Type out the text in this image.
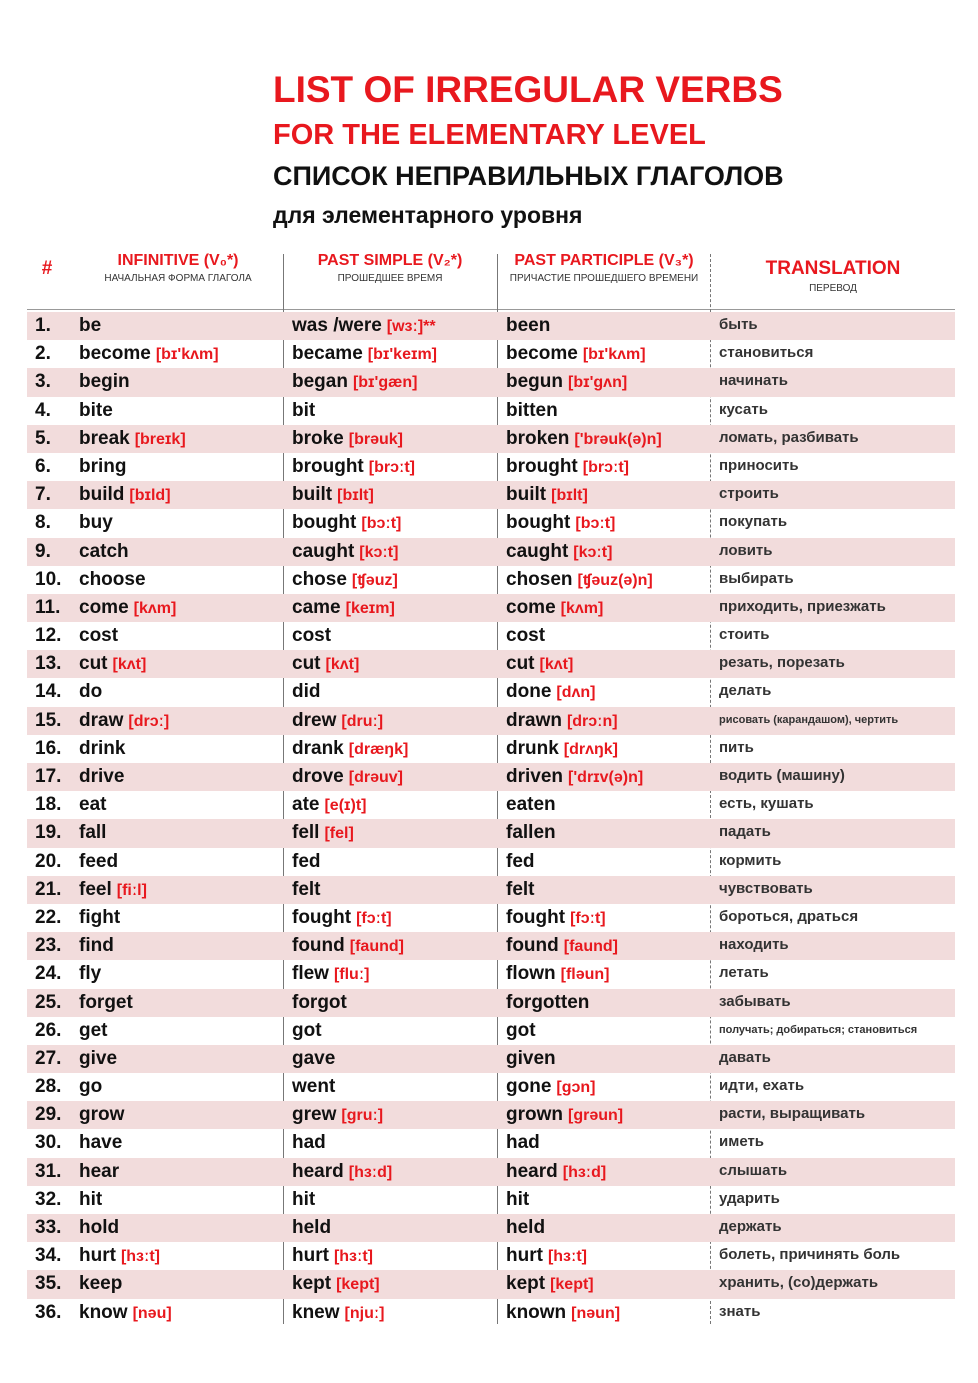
LIST OF IRREGULAR VERBS
FOR THE ELEMENTARY LEVEL
СПИСОК НЕПРАВИЛЬНЫХ ГЛАГОЛОВ
для элементарного уровня
#	INFINITIVE (V₀*)
НАЧАЛЬНАЯ ФОРМА ГЛАГОЛА
PAST SIMPLE (V₂*)
ПРОШЕДШЕЕ ВРЕМЯ
PAST PARTICIPLE (V₃*)
ПРИЧАСТИЕ ПРОШЕДШЕГО ВРЕМЕНИ	TRANSLATION
ПЕРЕВОД
1.	be	was /were [wɜː]**	been	быть
2.	become [bɪ'kʌm]	became [bɪ'keɪm]	become [bɪ'kʌm]	становиться
3.	begin	began [bɪ'gæn]	begun [bɪ'gʌn]	начинать
4.	bite	bit	bitten	кусать
5.	break [breɪk]	broke [brəuk]	broken ['brəuk(ə)n]	ломать, разбивать
6.	bring	brought [brɔːt]	brought [brɔːt]	приносить
7.	build [bɪld]	built [bɪlt]	built [bɪlt]	строить
8.	buy	bought [bɔːt]	bought [bɔːt]	покупать
9.	catch	caught [kɔːt]	caught [kɔːt]	ловить
10. choose	chose [ʧəuz]	chosen [ʧəuz(ə)n]	выбирать
11. come [kʌm]	came [keɪm]	come [kʌm]	приходить, приезжать
12. cost	cost	cost	стоить
13. cut [kʌt]	cut [kʌt]	cut [kʌt]	резать, порезать
14. do	did	done [dʌn]	делать
15. draw [drɔː]	drew [druː]	drawn [drɔːn]	рисовать (карандашом), чертить
16. drink	drank [dræŋk]	drunk [drʌŋk]	пить
17. drive	drove [drəuv]	driven ['drɪv(ə)n]	водить (машину)
18. eat	ate [e(ɪ)t]	eaten	есть, кушать
19. fall	fell [fel]	fallen	падать
20. feed	fed	fed	кормить
21. feel [fiːl]	felt	felt	чувствовать
22. fight	fought [fɔːt]	fought [fɔːt]	бороться, драться
23. find	found [faund]	found [faund]	находить
24. fly	flew [fluː]	flown [fləun]	летать
25. forget	forgot	forgotten	забывать
26. get	got	got	получать; добираться; становиться
27. give	gave	given	давать
28. go	went	gone [gɔn]	идти, ехать
29. grow	grew [gruː]	grown [grəun]	расти, выращивать
30. have	had	had	иметь
31. hear	heard [hɜːd]	heard [hɜːd]	слышать
32. hit	hit	hit	ударить
33. hold	held	held	держать
34. hurt [hɜːt]	hurt [hɜːt]	hurt [hɜːt]	болеть, причинять боль
35. keep	kept [kept]	kept [kept]	хранить, (со)держать
36. know [nəu]	knew [njuː]	known [nəun]	знать
